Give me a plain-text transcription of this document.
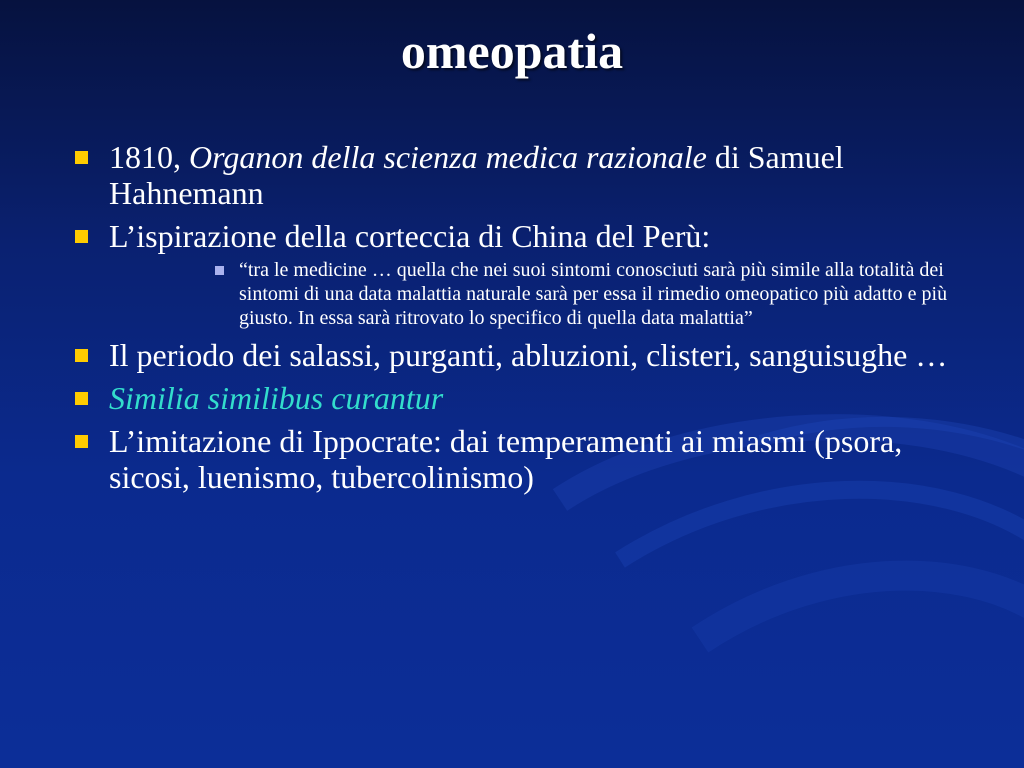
omeopatia
1810, Organon della scienza medica razionale di Samuel Hahnemann
L’ispirazione della corteccia di China del Perù:
“tra le medicine … quella che nei suoi sintomi conosciuti sarà più simile alla totalità dei sintomi di una data malattia naturale sarà per essa il rimedio omeopatico più adatto e più giusto. In essa sarà ritrovato lo specifico di quella data malattia”
Il periodo dei salassi, purganti, abluzioni, clisteri, sanguisughe …
Similia similibus curantur
L’imitazione di Ippocrate: dai temperamenti ai miasmi (psora, sicosi, luenismo, tubercolinismo)
